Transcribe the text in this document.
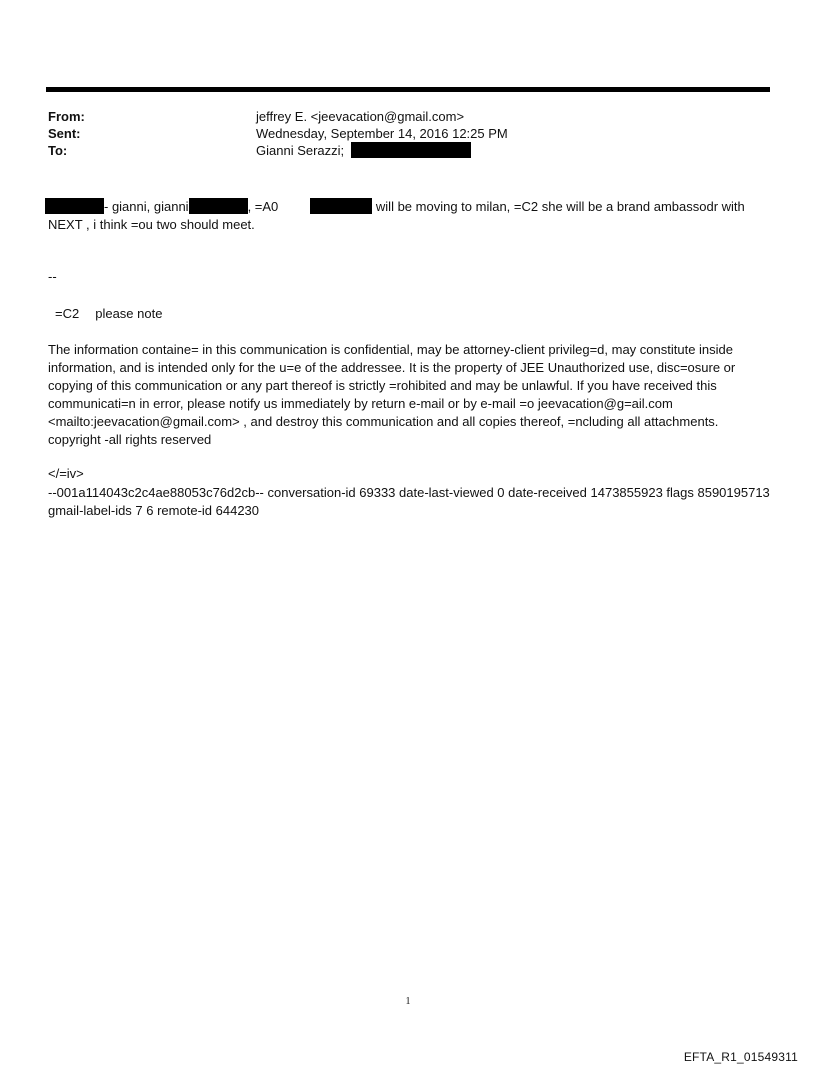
From:	jeffrey E. <jeevacation@gmail.com>
Sent:	Wednesday, September 14, 2016 12:25 PM
To:	Gianni Serazzi;
- gianni, gianni	, =A0	will be moving to milan, =C2 she will be a brand ambassodr with
NEXT , i think =ou two should meet.
--
=C2 please note
The information containe= in this communication is confidential, may be attorney-client privileg=d, may constitute inside information, and is intended only for the u=e of the addressee. It is the property of JEE Unauthorized use, disc=osure or copying of this communication or any part thereof is strictly =rohibited and may be unlawful. If you have received this communicati=n in error, please notify us immediately by return e-mail or by e-mail =o jeevacation@g=ail.com <mailto:jeevacation@gmail.com> , and destroy this communication and all copies thereof, =ncluding all attachments. copyright -all rights reserved
</=iv>
--001a114043c2c4ae88053c76d2cb-- conversation-id 69333 date-last-viewed 0 date-received 1473855923 flags 8590195713 gmail-label-ids 7 6 remote-id 644230
1
EFTA_R1_01549311
